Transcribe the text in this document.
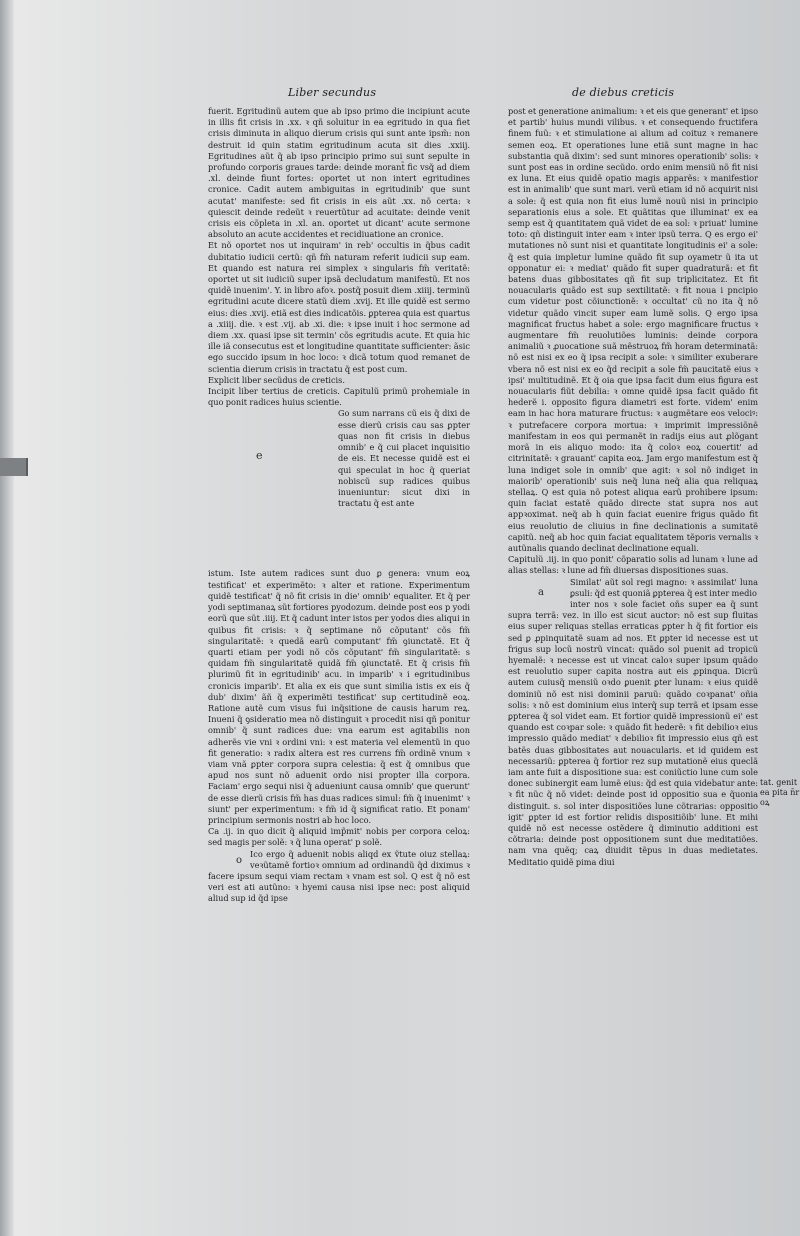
Liber secundus	de diebus creticis

fuerit. Egritudinũ autem que ab ipso primo die incipiunt acute in illis fit crisis in .xx. ꝛ qñ soluitur in ea egritudo in qua fiet crisis diminuta in aliquo dierum crisis qui sunt ante ipsm̃: non destruit id quin statim egritudinum acuta sit dies .xxiij. Egritudines aũt q̃ ab ipso principio primo sui sunt sepulte in profundo corporis graues tarde: deinde morant̃ fic vsq̃ ad diem .xl. deinde fiunt fortes: oportet ut non intert egritudines cronice. Cadit autem ambiguitas in egritudinib' que sunt acutat' manifeste: sed fit crisis in eis aũt .xx. nõ certa: ꝛ quiescit deinde redeũt ꝛ reuertũtur ad acuitate: deinde venit crisis eis cõpleta in .xl. an. oportet ut dicant' acute sermone absoluto an acute accidentes et recidiuatione an cronice.

Et nõ oportet nos ut inquiram' in reb' occultis in q̃bus cadit dubitatio iudicii certũ: qñ fm̃ naturam referit iudicii sup eam. Et quando est natura rei simplex ꝛ singularis fm̃ veritatẽ: oportet ut sit iudiciũ super ipsã decludatum manifestũ. Et nos quidẽ inuenim'. Y. in libro afoꝛ. postq̃ posuit diem .xiiij. terminũ egritudini acute dicere statũ diem .xvij. Et ille quidẽ est sermo eius: dies .xvij. etiã est dies indicatõis. ꝑpterea quia est quartus a .xiiij. die. ꝛ est .vij. ab .xi. die: ꝛ ipse inuit i hoc sermone ad diem .xx. quasi ipse sit termin' cõs egritudis acute. Et quia hic ille iã consecutus est et longitudine quantitate sufficienter: ãsic ego succido ipsum in hoc loco: ꝛ dicã totum quod remanet de scientia dierum crisis in tractatu q̃ est post cum.

Explicit liber secũdus de creticis.

Incipit liber tertius de creticis. Capitulũ primũ prohemiale in quo ponit radices huius scientie.

e

Go sum narrans cũ eis q̃ dixi de esse dierũ crisis cau sas ꝑpter quas non fit crisis in diebus omnib' e q̃ cui placet inquisitio de eis. Et necesse quidẽ est ei qui speculat in hoc q̃ queriat nobiscũ sup radices quibus inueniuntur: sicut dixi in tractatu q̃ est ante

istum. Iste autem radices sunt duo ꝑ genera: vnum eoꝝ testificat' et experimẽto: ꝛ alter et ratione. Experimentum quidẽ testificat' q̃ nõ fit crisis in die' omnib' equaliter. Et q̃ per yodi septimanaꝝ sũt fortiores pyodozum. deinde post eos p yodi eorũ que sũt .iiij. Et q̃ cadunt inter istos per yodos dies aliqui in quibus fit crisis: ꝛ q̃ septimane nõ cõputant' cõs fm̃ singularitatẽ: ꝛ quedã earũ computant' fm̃ ꝯiunctatẽ. Et q̃ quarti etiam per yodi nõ cõs cõputant' fm̃ singularitatẽ: s quidam fm̃ singularitatẽ quidã fm̃ ꝯiunctatẽ. Et q̃ crisis fm̃ plurimũ fit in egritudinib' acu. in imparib' ꝛ i egritudinibus cronicis imparib'. Et alia ex eis que sunt similia istis ex eis q̃ dub' dixim' ãñ q̃ experimẽti testificat' sup certitudinẽ eoꝝ. Ratione autẽ cum visus fui inq̃sitione de causis harum reꝝ. Inueni q̃ ꝯsideratio mea nõ distinguit ꝛ procedit nisi qñ ponitur omnib' q̃ sunt radices due: vna earum est agitabilis non adherẽs vie vni ꝛ ordini vni: ꝛ est materia vel elementũ in quo fit generatio: ꝛ radix altera est res currens fm̃ ordinẽ vnum ꝛ viam vnã ꝑpter corpora supra celestia: q̃ est q̃ omnibus que apud nos sunt nõ aduenit ordo nisi propter illa corpora. Faciam' ergo sequi nisi q̃ adueniunt causa omnib' que querunt' de esse dierũ crisis fm̃ has duas radices simul: fm̃ q̃ inuenimt' ꝛ siunt' per experimentum: ꝛ fm̃ id q̃ significat ratio. Et ponam' principium sermonis nostri ab hoc loco.

Ca .ij. in quo dicit q̃ aliquid imp̃mit' nobis per corpora celoꝝ: sed magis per solẽ: ꝛ q̃ luna operat' p solẽ.

o

Ico ergo q̃ aduenit nobis aliqd ex ṽtute oiuz stellaꝝ: veꝛũtamẽ fortioꝛ omnium ad ordinandũ q̃d diximus ꝛ facere ipsum sequi viam rectam ꝛ vnam est sol. Q est q̃ nõ est veri est ati autũno: ꝛ hyemi causa nisi ipse nec: post aliquid aliud sup id q̃d ipse

post et generatione animalium: ꝛ et eis que generant' et ipso et partib' huius mundi vilibus. ꝛ et consequendo fructifera finem fuũ: ꝛ et stimulatione ai alium ad coituz ꝛ remanere semen eoꝝ. Et operationes lune etiã sunt magne in hac substantia quã dixim': sed sunt minores operationib' solis: ꝛ sunt post eas in ordine secũdo. ordo enim mensiũ nõ fit nisi ex luna. Et eius quidẽ opatio magis apparẽs: ꝛ manifestior est in animalib' que sunt mari. verũ etiam id nõ acquirit nisi a sole: q̃ est quia non fit eius lumẽ nouũ nisi in principio separationis eius a sole. Et quãtitas que illuminat' ex ea semp est q̃ quantitatem quã videt de ea sol: ꝛ priuat' lumine toto: qñ distinguit inter eam ꝛ inter ipsũ terra. Q es ergo ei' mutationes nõ sunt nisi et quantitate longitudinis ei' a sole: q̃ est quia impletur lumine quãdo fit sup oyametr ũ ita ut opponatur ei: ꝛ mediat' quãdo fit super quadraturã: et fit batens duas gibbositates qñ fit sup triplicitatez. Et fit nouacularis quãdo est sup sextilitatẽ: ꝛ fit noua i pncipio cum videtur post cõiunctionẽ: ꝛ occultat' cũ no ita q̃ nõ videtur quãdo vincit super eam lumẽ solis. Q ergo ipsa magnificat fructus habet a sole: ergo magnificare fructus ꝛ augmentare fm̃ reuolutiões luminis: deinde corpora animaliũ ꝛ ꝓuocatione suã mẽstruoꝝ fm̃ horam determinatã: nõ est nisi ex eo q̃ ipsa recipit a sole: ꝛ similiter exuberare vbera nõ est nisi ex eo q̃d recipit a sole fm̃ paucitatẽ eius ꝛ ipsi' multitudinẽ. Et q̃ oia que ipsa facit dum eius figura est nouacularis fiũt debilia: ꝛ omne quidẽ ipsa facit quãdo fit hederẽ i. opposito figura diametri est forte. videm' enim eam in hac hora maturare fructus: ꝛ augmẽtare eos velociꝰ: ꝛ putrefacere corpora mortua: ꝛ imprimit impressiõnẽ manifestam in eos qui permanẽt in radijs eius aut ꝓlõgant morã in eis aliquo modo: ita q̃ coloꝛ eoꝝ couertit' ad citrinitatẽ: ꝛ grauant' capita eoꝝ. Jam ergo manifestum est q̃ luna indiget sole in omnib' que agit: ꝛ sol nõ indiget in maiorib' operationib' suis neq̃ luna neq̃ alia qua reliquaꝝ stellaꝝ. Q est quia nõ potest aliqua earũ prohibere ipsum: quin faciat estatẽ quãdo directe stat supra nos aut appꝛoximat. neq̃ ab h quin faciat euenire frigus quãdo fit eius reuolutio de cliuius in fine declinationis a sumitatẽ capitũ. neq̃ ab hoc quin faciat equalitatem tẽporis vernalis ꝛ autũnalis quando declinat declinatione equali.

Capitulũ .iij. in quo ponit' cõparatio solis ad lunam ꝛ lune ad alias stellas: ꝛ lune ad fm̃ diuersas dispositiones suas.

a

Similat' aũt sol regi magno: ꝛ assimilat' luna ꝑsuli: q̃d est quoniã ꝑpterea q̃ est inter medio

inter nos ꝛ sole faciet oñs super ea q̃ sunt supra terrã: vez. in illo est sicut auctor: nõ est sup fluitas eius super reliquas stellas erraticas ꝑpter h q̃ fit fortior eis sed ꝑ ꝓpinquitatẽ suam ad nos. Et ꝑpter id necesse est ut frigus sup locũ nostrũ vincat: quãdo sol puenit ad tropicũ hyemalẽ: ꝛ necesse est ut vincat caloꝛ super ipsum quãdo est reuolutio super capita nostra aut eis ꝓpinqua. Dicrũ autem cuiusq̃ mensiũ oꝛdo ꝑuenit ꝑter lunam: ꝛ eius quidẽ dominiũ nõ est nisi dominii paruũ: quãdo coꝛpanat' oñia solis: ꝛ nõ est dominium eius interq̃ sup terrã et ipsam esse ꝑpterea q̃ sol videt eam. Et fortior quidẽ impressionũ ei' est quando est coꝛpar sole: ꝛ quãdo fit hederẽ: ꝛ fit debilioꝛ eius impressio quãdo mediat' ꝛ debilioꝛ fit impressio eius qñ est batẽs duas gibbositates aut nouacularis. et id quidem est necessariũ: ꝑpterea q̃ fortior rez sup mutationẽ eius queclã iam ante fuit a dispositione sua: est coniũctio lune cum sole donec subinergit eam lumẽ eius: q̃d est quia videbatur ante: ꝛ fit nũc q̃ nõ videt: deinde post id oppositio sua e q̃uonia distinguit. s. sol inter dispositiões lune cõtrarias: oppositio igit' ꝑpter id est fortior relidis dispositiõib' lune. Et mihi quidẽ nõ est necesse ostẽdere q̃ diminutio additioni est cõtraria: deinde post oppositionem sunt due meditatiões. nam vna quẽq; caꝝ diuidit tẽpus in duas medietates. Meditatio quidẽ pima diui

tat. genit ea pita n̄r oꝝ
